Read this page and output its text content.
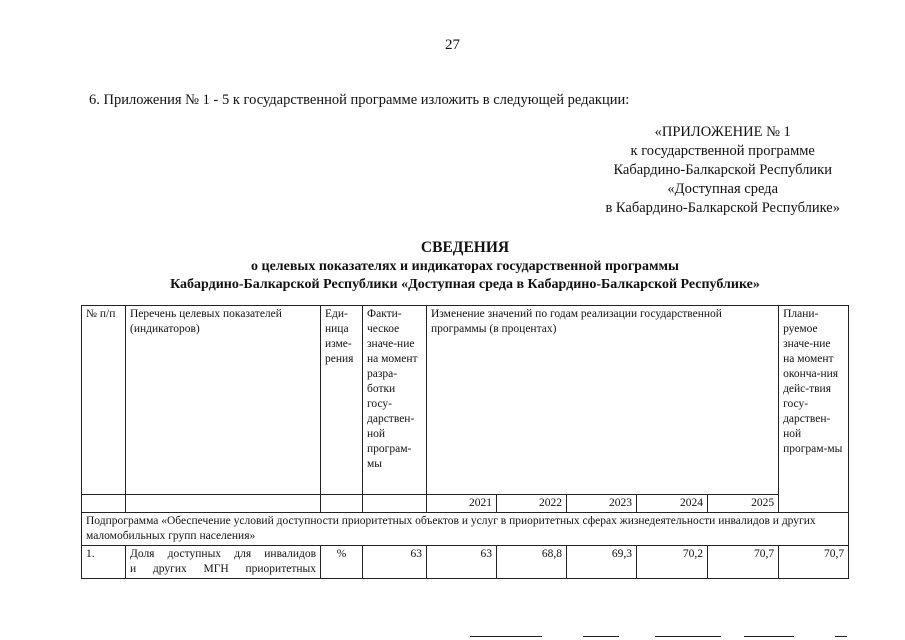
27
6. Приложения № 1 - 5 к государственной программе изложить в следующей редакции:
«ПРИЛОЖЕНИЕ № 1
к государственной программе
Кабардино-Балкарской Республики
«Доступная среда
в Кабардино-Балкарской Республике»
СВЕДЕНИЯ
о целевых показателях и индикаторах государственной программы
Кабардино-Балкарской Республики «Доступная среда в Кабардино-Балкарской Республике»
№ п/п	Перечень целевых показателей (индикаторов)	Еди-ница изме-рения	Факти-ческое значе-ние на момент разра-ботки госу-дарствен-ной програм-мы	Изменение значений по годам реализации государственной программы (в процентах)					Плани-руемое значе-ние на момент оконча-ния дейс-твия госу-дарствен-ной програм-мы
				2021	2022	2023	2024	2025	
Подпрограмма «Обеспечение условий доступности приоритетных объектов и услуг в приоритетных сферах жизнедеятельности инвалидов и других маломобильных групп населения»									
1.	Доля доступных для инвалидов
и других МГН приоритетных	%	63	63	68,8	69,3	70,2	70,7	70,7
